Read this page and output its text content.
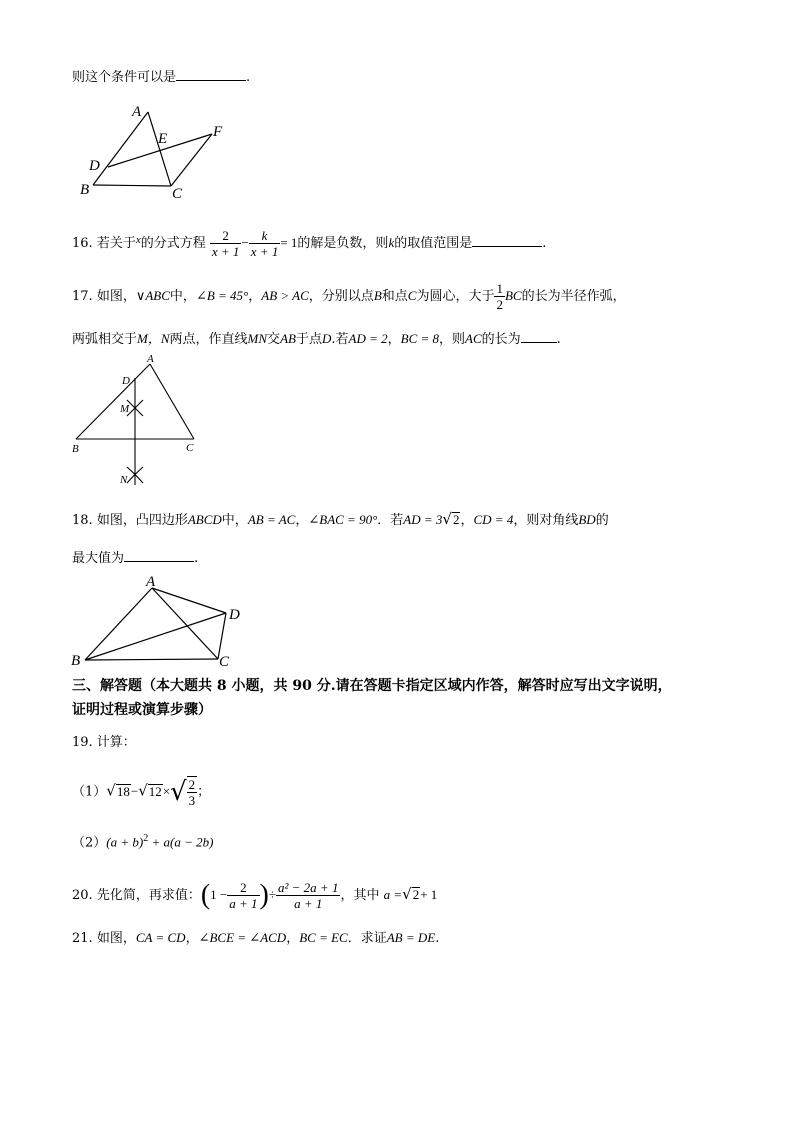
则这个条件可以是	.
A
E	F
D
B	C
16. 若关于$^x$的分式方程 $\frac{2}{x + 1} - \frac{k}{x + 1} = 1$的解是负数，则k的取值范围是	.
17. 如图，∨ABC中，∠B = 45°，AB > AC，分别以点B和点C为圆心，大于 $\frac{1}{2}$ BC的长为半径作弧，
两弧相交于M，N两点，作直线MN交AB于点D.若AD = 2，BC = 8，则AC的长为	.
A
D
M
B	C
N
18. 如图，凸四边形ABCD中，AB = AC，∠BAC = 90°．若AD = 3√2，CD = 4，则对角线BD的
最大值为	.
A
D
B	C
三、解答题（本大题共 8 小题，共 90 分.请在答题卡指定区域内作答，解答时应写出文字说明，
证明过程或演算步骤）
19. 计算：
$(1)√18-√12\times√ \frac{2}{3}$ ；
$(2)(a + b)^2 + a(a - 2b)$
20. 先化简，再求值：($1 - \frac{2}{a + 1}$ )÷ $\frac{\text{a² − 2a + 1}}{a + 1}$ ，其中 a =√2+ 1
21. 如图，CA = CD，∠BCE = ∠ACD，BC = EC．求证AB = DE.
